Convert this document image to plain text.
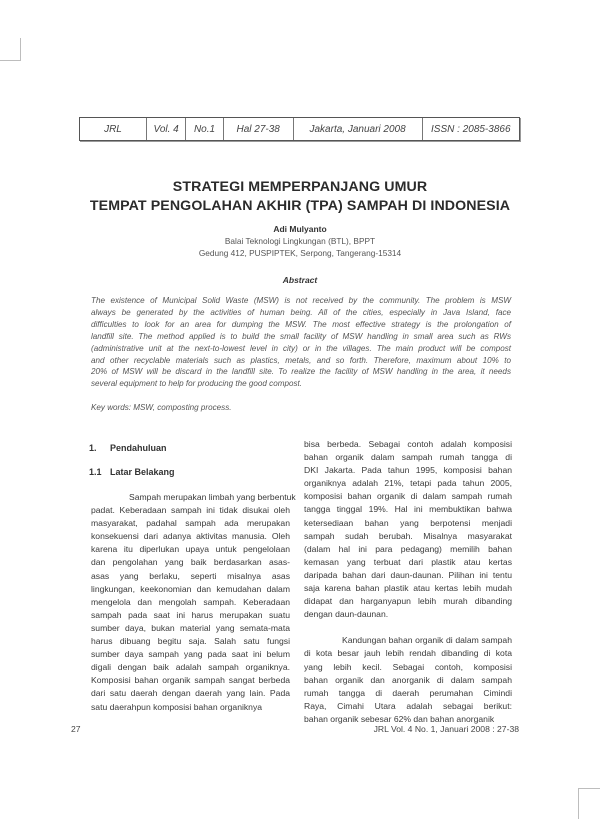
JRL	Vol. 4	No.1	Hal 27-38	Jakarta, Januari 2008	ISSN : 2085-3866
STRATEGI MEMPERPANJANG UMUR
TEMPAT PENGOLAHAN AKHIR (TPA) SAMPAH DI INDONESIA
Adi Mulyanto
Balai Teknologi Lingkungan (BTL), BPPT
Gedung 412, PUSPIPTEK, Serpong, Tangerang-15314
Abstract
The existence of Municipal Solid Waste (MSW) is not received by the community. The problem is MSW
always be generated by the activities of human being. All of the cities, especially in Java Island, face
difficulties to look for an area for dumping the MSW. The most effective strategy is the prolongation of
landfill site. The method applied is to build the small facility of MSW handling in small area such as RWs
(administrative unit at the next-to-lowest level in city) or in the villages. The main product will be compost
and other recyclable materials such as plastics, metals, and so forth. Therefore, maximum about 10% to
20% of MSW will be discard in the landfill site. To realize the facility of MSW handling in the area, it needs
several equipment to help for producing the good compost.
Key words: MSW, composting process.
1. Pendahuluan
1.1 Latar Belakang
Sampah merupakan limbah yang berbentuk
padat. Keberadaan sampah ini tidak disukai oleh
masyarakat, padahal sampah ada merupakan
konsekuensi dari adanya aktivitas manusia. Oleh
karena itu diperlukan upaya untuk pengelolaan
dan pengolahan yang baik berdasarkan asas-
asas yang berlaku, seperti misalnya asas
lingkungan, keekonomian dan kemudahan dalam
mengelola dan mengolah sampah. Keberadaan
sampah pada saat ini harus merupakan suatu
sumber daya, bukan material yang semata-mata
harus dibuang begitu saja. Salah satu fungsi
sumber daya sampah yang pada saat ini belum
digali dengan baik adalah sampah organiknya.
Komposisi bahan organik sampah sangat berbeda
dari satu daerah dengan daerah yang lain. Pada
satu daerahpun komposisi bahan organiknya
bisa berbeda. Sebagai contoh adalah komposisi
bahan organik dalam sampah rumah tangga di
DKI Jakarta. Pada tahun 1995, komposisi bahan
organiknya adalah 21%, tetapi pada tahun 2005,
komposisi bahan organik di dalam sampah rumah
tangga tinggal 19%. Hal ini membuktikan bahwa
ketersediaan bahan yang berpotensi menjadi
sampah sudah berubah. Misalnya masyarakat
(dalam hal ini para pedagang) memilih bahan
kemasan yang terbuat dari plastik atau kertas
daripada bahan dari daun-daunan. Pilihan ini tentu
saja karena bahan plastik atau kertas lebih mudah
didapat dan harganyapun lebih murah dibanding
dengan daun-daunan.
Kandungan bahan organik di dalam sampah
di kota besar jauh lebih rendah dibanding di kota
yang lebih kecil. Sebagai contoh, komposisi
bahan organik dan anorganik di dalam sampah
rumah tangga di daerah perumahan Cimindi
Raya, Cimahi Utara adalah sebagai berikut:
bahan organik sebesar 62% dan bahan anorganik
27	JRL Vol. 4 No. 1, Januari 2008 : 27-38
